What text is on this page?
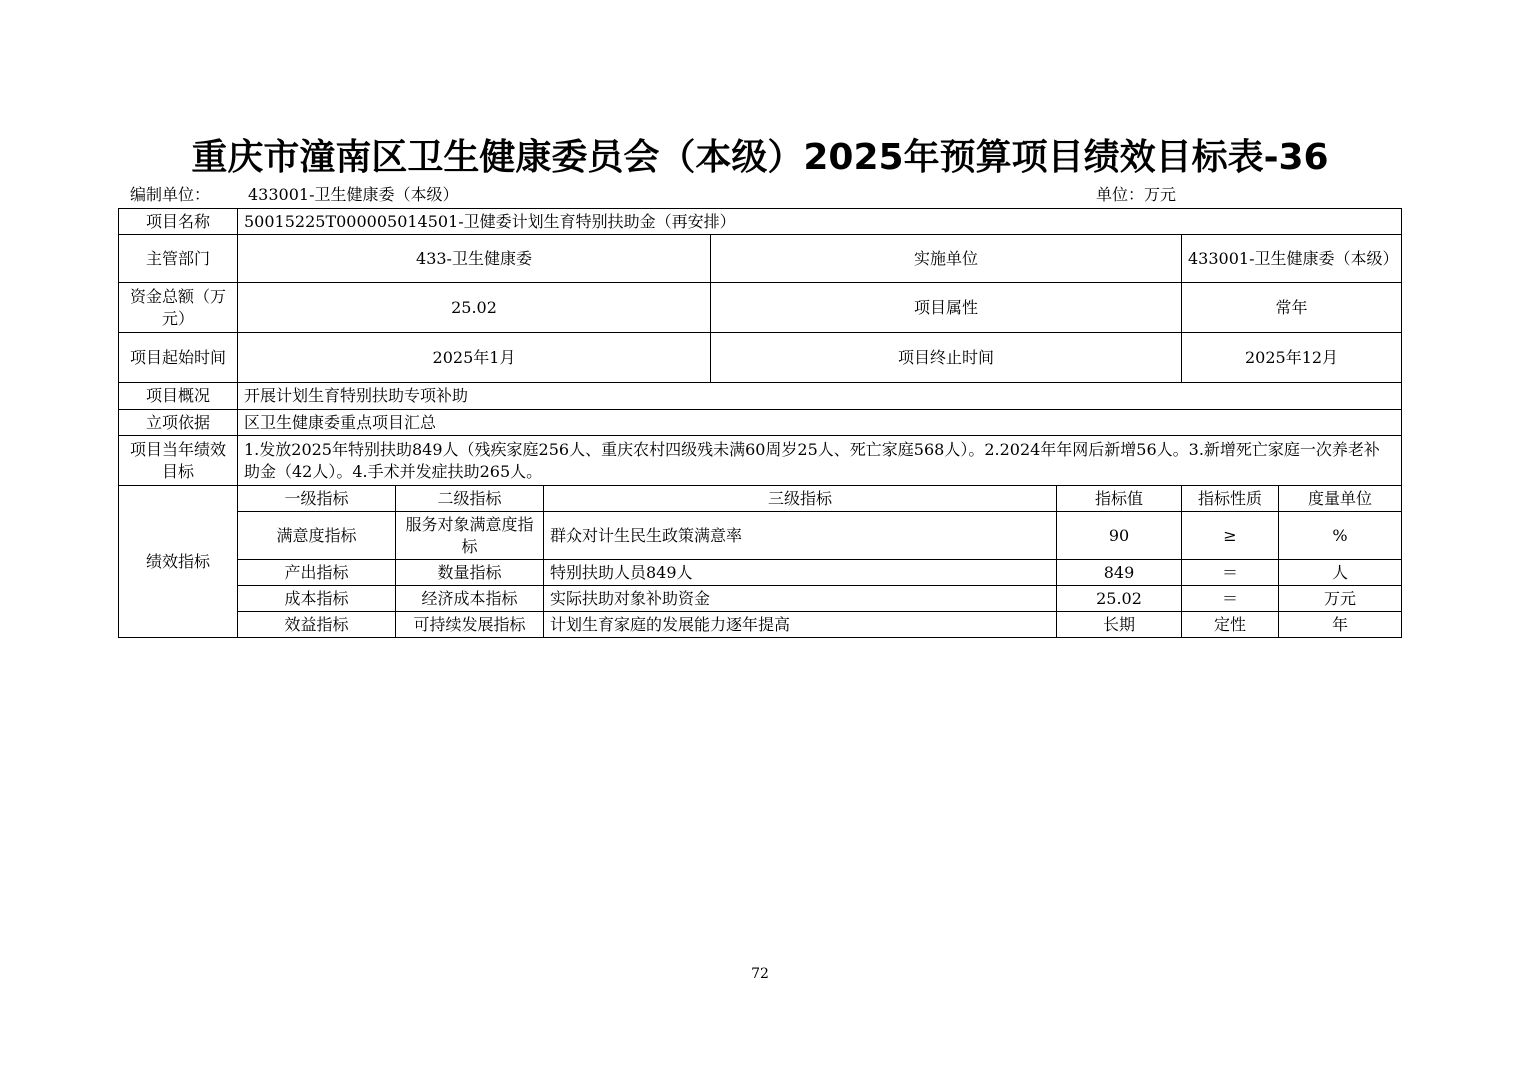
重庆市潼南区卫生健康委员会（本级）2025年预算项目绩效目标表-36
编制单位： 433001-卫生健康委（本级）	单位：万元
项目名称	50015225T000005014501-卫健委计划生育特别扶助金（再安排）						
主管部门	433-卫生健康委			实施单位		433001-卫生健康委（本级）	
资金总额（万元）	25.02			项目属性		常年	
项目起始时间	2025年1月			项目终止时间		2025年12月	
项目概况	开展计划生育特别扶助专项补助						
立项依据	区卫生健康委重点项目汇总						
项目当年绩效目标	1.发放2025年特别扶助849人（残疾家庭256人、重庆农村四级残未满60周岁25人、死亡家庭568人）。2.2024年年网后新增56人。3.新增死亡家庭一次养老补助金（42人）。4.手术并发症扶助265人。						
绩效指标	一级指标	二级指标	三级指标		指标值	指标性质	度量单位
	满意度指标	服务对象满意度指标	群众对计生民生政策满意率		90	≥	%
	产出指标	数量指标	特别扶助人员849人		849	＝	人
	成本指标	经济成本指标	实际扶助对象补助资金		25.02	＝	万元
	效益指标	可持续发展指标	计划生育家庭的发展能力逐年提高		长期	定性	年
72
